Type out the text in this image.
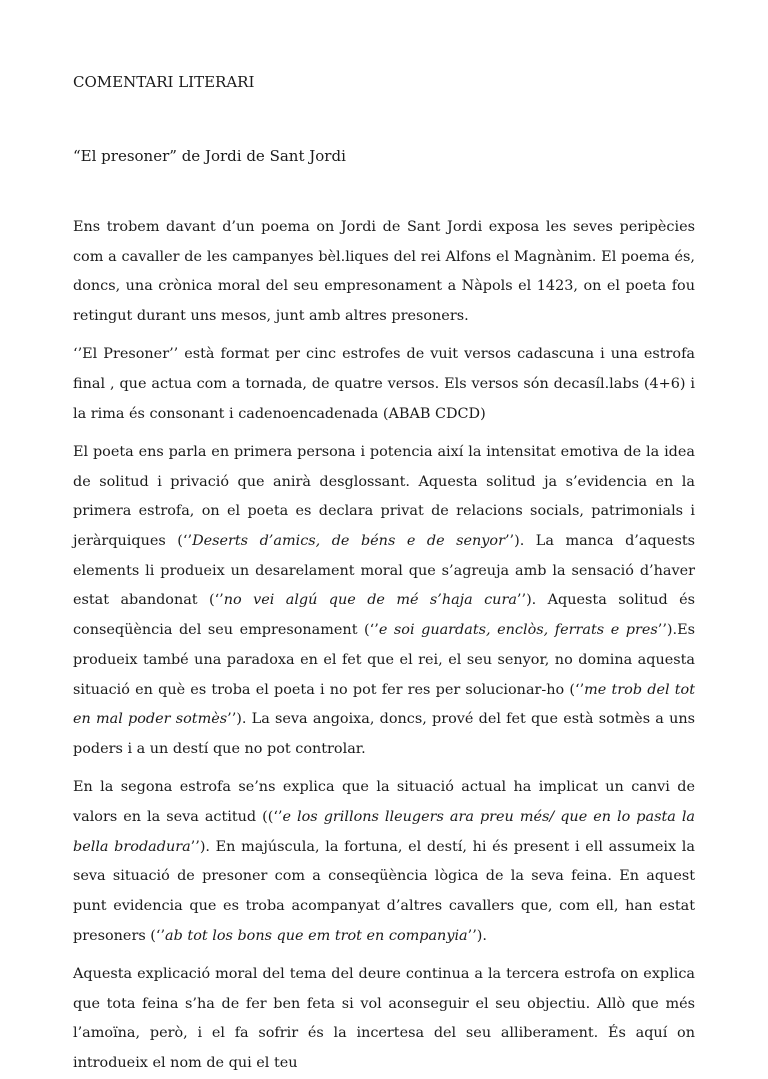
COMENTARI LITERARI
“El presoner” de Jordi de Sant Jordi

Ens trobem davant d’un poema on Jordi de Sant Jordi exposa les seves peripècies com a cavaller de les campanyes bèl.liques del rei Alfons el Magnànim. El poema és, doncs, una crònica moral del seu empresonament a Nàpols el 1423, on el poeta fou retingut durant uns mesos, junt amb altres presoners.

‘’El Presoner’’ està format per cinc estrofes de vuit versos cadascuna i una estrofa final , que actua com a tornada, de quatre versos. Els versos són decasíl.labs (4+6) i la rima és consonant i cadenoencadenada (ABAB CDCD)

El poeta ens parla en primera persona i potencia així la intensitat emotiva de la idea de solitud i privació que anirà desglossant. Aquesta solitud ja s’evidencia en la primera estrofa, on el poeta es declara privat de relacions socials, patrimonials i jeràrquiques (‘’Deserts d’amics, de béns e de senyor’’). La manca d’aquests elements li produeix un desarelament moral que s’agreuja amb la sensació d’haver estat abandonat (‘’no vei algú que de mé s’haja cura’’). Aquesta solitud és conseqüència del seu empresonament (‘’e soi guardats, enclòs, ferrats e pres’’).Es produeix també una paradoxa en el fet que el rei, el seu senyor, no domina aquesta situació en què es troba el poeta i no pot fer res per solucionar-ho (‘’me trob del tot en mal poder sotmès’’). La seva angoixa, doncs, prové del fet que està sotmès a uns poders i a un destí que no pot controlar.

En la segona estrofa se’ns explica que la situació actual ha implicat un canvi de valors en la seva actitud ((‘’e los grillons lleugers ara preu més/ que en lo pasta la bella brodadura’’). En majúscula, la fortuna, el destí, hi és present i ell assumeix la seva situació de presoner com a conseqüència lògica de la seva feina. En aquest punt evidencia que es troba acompanyat d’altres cavallers que, com ell, han estat presoners (‘’ab tot los bons que em trot en companyia’’).

Aquesta explicació moral del tema del deure continua a la tercera estrofa on explica que tota feina s’ha de fer ben feta si vol aconseguir el seu objectiu. Allò que més l’amoïna, però, i el fa sofrir és la incertesa del seu alliberament. És aquí on introdueix el nom de qui el teu
